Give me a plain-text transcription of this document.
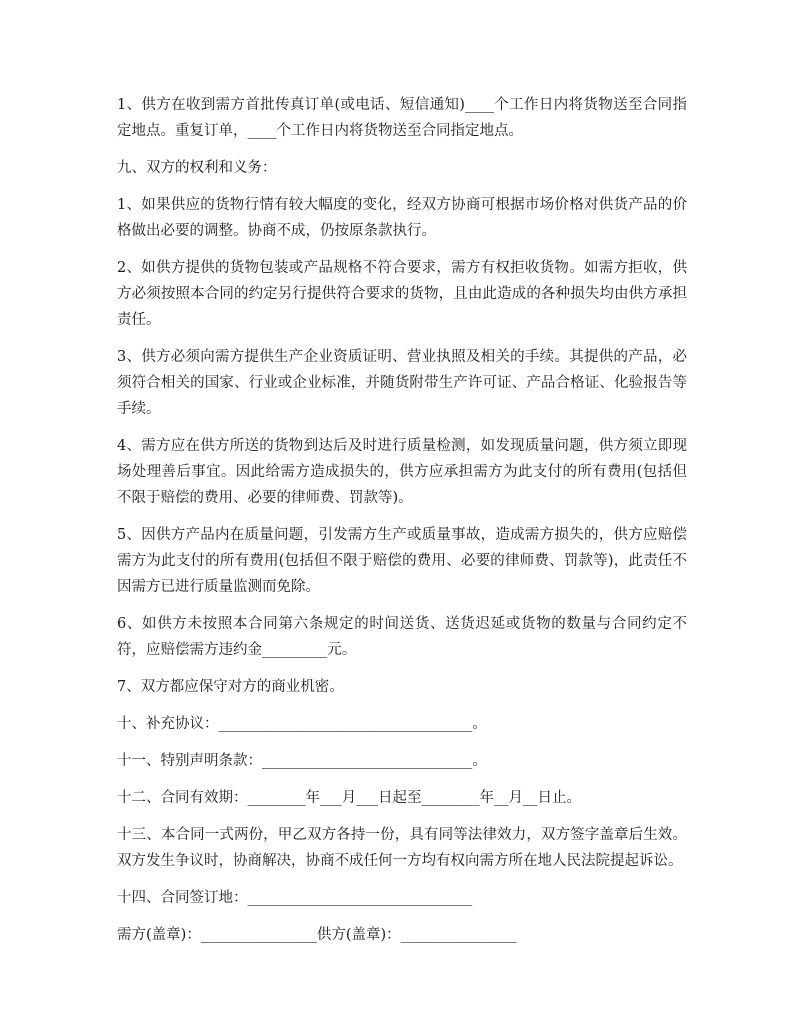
1、供方在收到需方首批传真订单(或电话、短信通知)____个工作日内将货物送至合同指定地点。重复订单，____个工作日内将货物送至合同指定地点。

九、双方的权利和义务：

1、如果供应的货物行情有较大幅度的变化，经双方协商可根据市场价格对供货产品的价格做出必要的调整。协商不成，仍按原条款执行。

2、如供方提供的货物包装或产品规格不符合要求，需方有权拒收货物。如需方拒收，供方必须按照本合同的约定另行提供符合要求的货物，且由此造成的各种损失均由供方承担责任。

3、供方必须向需方提供生产企业资质证明、营业执照及相关的手续。其提供的产品，必须符合相关的国家、行业或企业标准，并随货附带生产许可证、产品合格证、化验报告等手续。

4、需方应在供方所送的货物到达后及时进行质量检测，如发现质量问题，供方须立即现场处理善后事宜。因此给需方造成损失的，供方应承担需方为此支付的所有费用(包括但不限于赔偿的费用、必要的律师费、罚款等)。

5、因供方产品内在质量问题，引发需方生产或质量事故，造成需方损失的，供方应赔偿需方为此支付的所有费用(包括但不限于赔偿的费用、必要的律师费、罚款等)，此责任不因需方已进行质量监测而免除。

6、如供方未按照本合同第六条规定的时间送货、送货迟延或货物的数量与合同约定不符，应赔偿需方违约金_________元。

7、双方都应保守对方的商业机密。

十、补充协议：___________________________________。

十一、特别声明条款：_____________________________。

十二、合同有效期：________年___月___日起至________年__月__日止。

十三、本合同一式两份，甲乙双方各持一份，具有同等法律效力，双方签字盖章后生效。双方发生争议时，协商解决，协商不成任何一方均有权向需方所在地人民法院提起诉讼。

十四、合同签订地：_______________________________

需方(盖章)：________________供方(盖章)：________________
